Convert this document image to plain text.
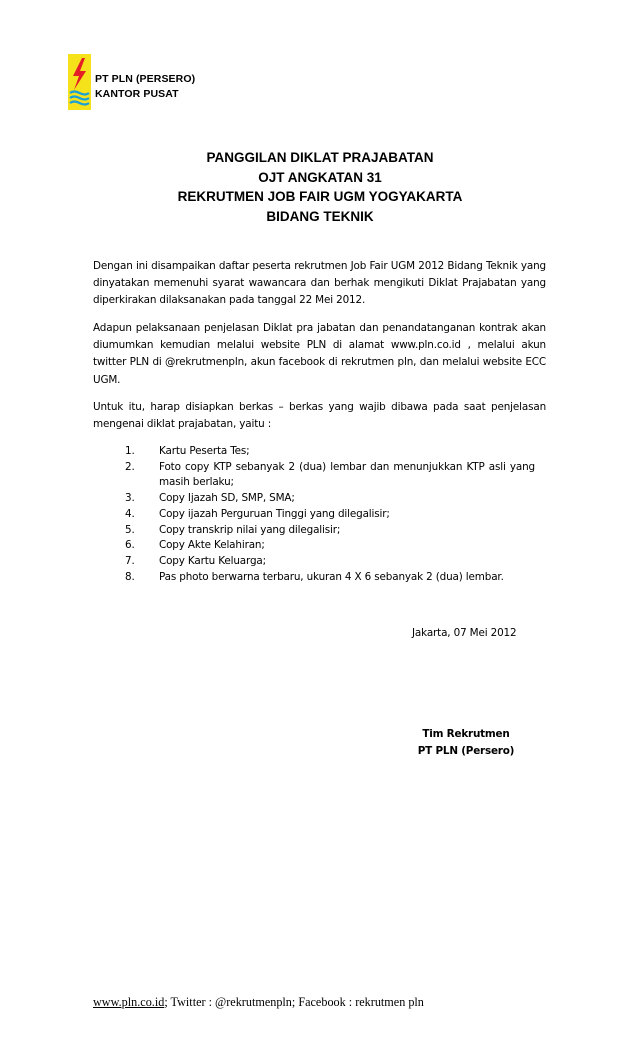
PT PLN (PERSERO)
KANTOR PUSAT
PANGGILAN DIKLAT PRAJABATAN
OJT ANGKATAN 31
REKRUTMEN JOB FAIR UGM YOGYAKARTA
BIDANG TEKNIK
Dengan ini disampaikan daftar peserta rekrutmen Job Fair UGM 2012 Bidang Teknik yang dinyatakan memenuhi syarat wawancara dan berhak mengikuti Diklat Prajabatan yang diperkirakan dilaksanakan pada tanggal 22 Mei 2012.
Adapun pelaksanaan penjelasan Diklat pra jabatan dan penandatanganan kontrak akan diumumkan kemudian melalui website PLN di alamat www.pln.co.id , melalui akun twitter PLN di @rekrutmenpln, akun facebook di rekrutmen pln, dan melalui website ECC UGM.
Untuk itu, harap disiapkan berkas – berkas yang wajib dibawa pada saat penjelasan mengenai diklat prajabatan, yaitu :
1.	Kartu Peserta Tes;
2.	Foto copy KTP sebanyak 2 (dua) lembar dan menunjukkan KTP asli yang masih berlaku;
3.	Copy Ijazah SD, SMP, SMA;
4.	Copy ijazah Perguruan Tinggi yang dilegalisir;
5.	Copy transkrip nilai yang dilegalisir;
6.	Copy Akte Kelahiran;
7.	Copy Kartu Keluarga;
8.	Pas photo berwarna terbaru, ukuran 4 X 6 sebanyak 2 (dua) lembar.
Jakarta, 07 Mei 2012
Tim Rekrutmen
PT PLN (Persero)
www.pln.co.id; Twitter : @rekrutmenpln; Facebook : rekrutmen pln
